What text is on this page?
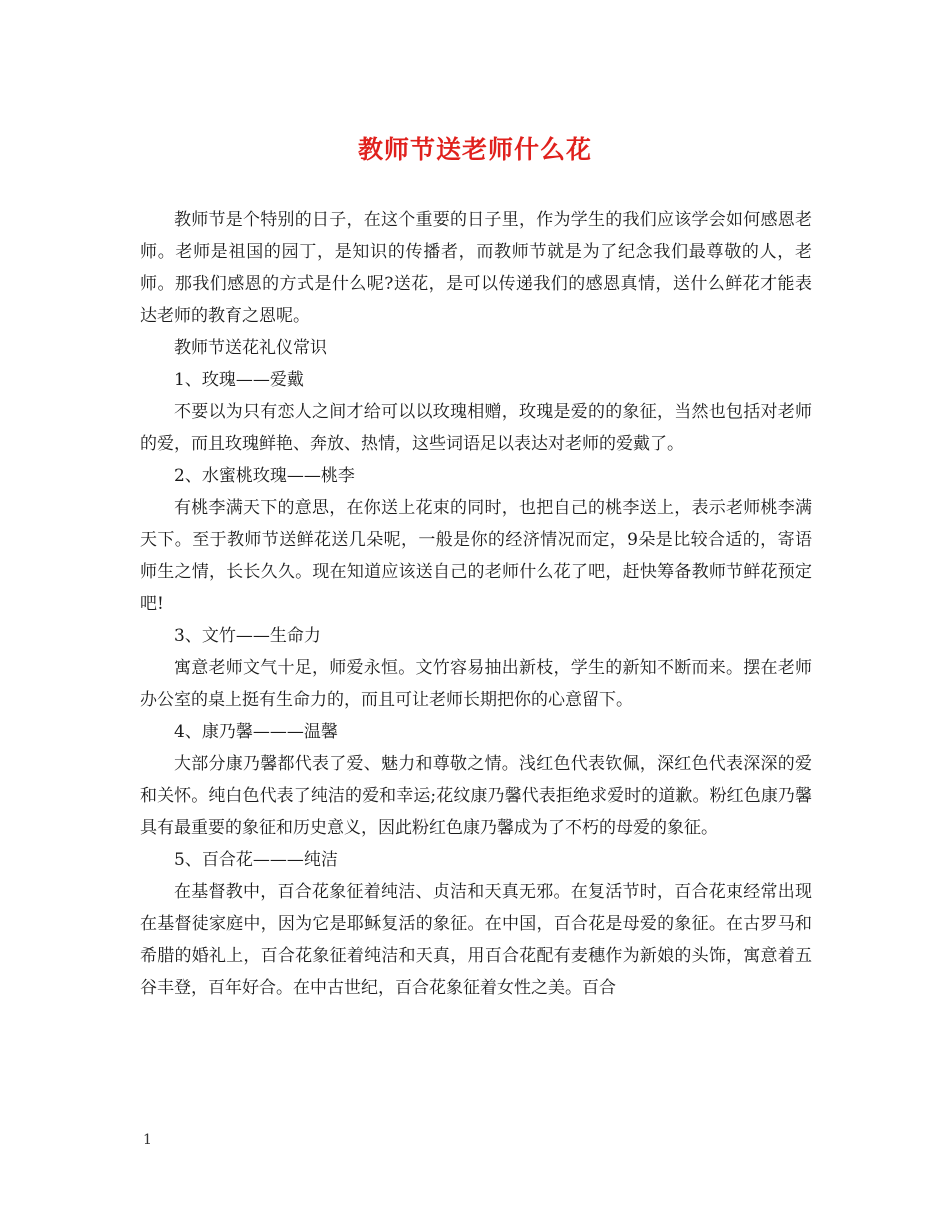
教师节送老师什么花

教师节是个特别的日子，在这个重要的日子里，作为学生的我们应该学会如何感恩老师。老师是祖国的园丁，是知识的传播者，而教师节就是为了纪念我们最尊敬的人，老师。那我们感恩的方式是什么呢?送花，是可以传递我们的感恩真情，送什么鲜花才能表达老师的教育之恩呢。

教师节送花礼仪常识

1、玫瑰——爱戴

不要以为只有恋人之间才给可以以玫瑰相赠，玫瑰是爱的的象征，当然也包括对老师的爱，而且玫瑰鲜艳、奔放、热情，这些词语足以表达对老师的爱戴了。

2、水蜜桃玫瑰——桃李

有桃李满天下的意思，在你送上花束的同时，也把自己的桃李送上，表示老师桃李满天下。至于教师节送鲜花送几朵呢，一般是你的经济情况而定，9朵是比较合适的，寄语师生之情，长长久久。现在知道应该送自己的老师什么花了吧，赶快筹备教师节鲜花预定吧!

3、文竹——生命力

寓意老师文气十足，师爱永恒。文竹容易抽出新枝，学生的新知不断而来。摆在老师办公室的桌上挺有生命力的，而且可让老师长期把你的心意留下。

4、康乃馨———温馨

大部分康乃馨都代表了爱、魅力和尊敬之情。浅红色代表钦佩，深红色代表深深的爱和关怀。纯白色代表了纯洁的爱和幸运;花纹康乃馨代表拒绝求爱时的道歉。粉红色康乃馨具有最重要的象征和历史意义，因此粉红色康乃馨成为了不朽的母爱的象征。

5、百合花———纯洁

在基督教中，百合花象征着纯洁、贞洁和天真无邪。在复活节时，百合花束经常出现在基督徒家庭中，因为它是耶稣复活的象征。在中国，百合花是母爱的象征。在古罗马和希腊的婚礼上，百合花象征着纯洁和天真，用百合花配有麦穗作为新娘的头饰，寓意着五谷丰登，百年好合。在中古世纪，百合花象征着女性之美。百合

1
